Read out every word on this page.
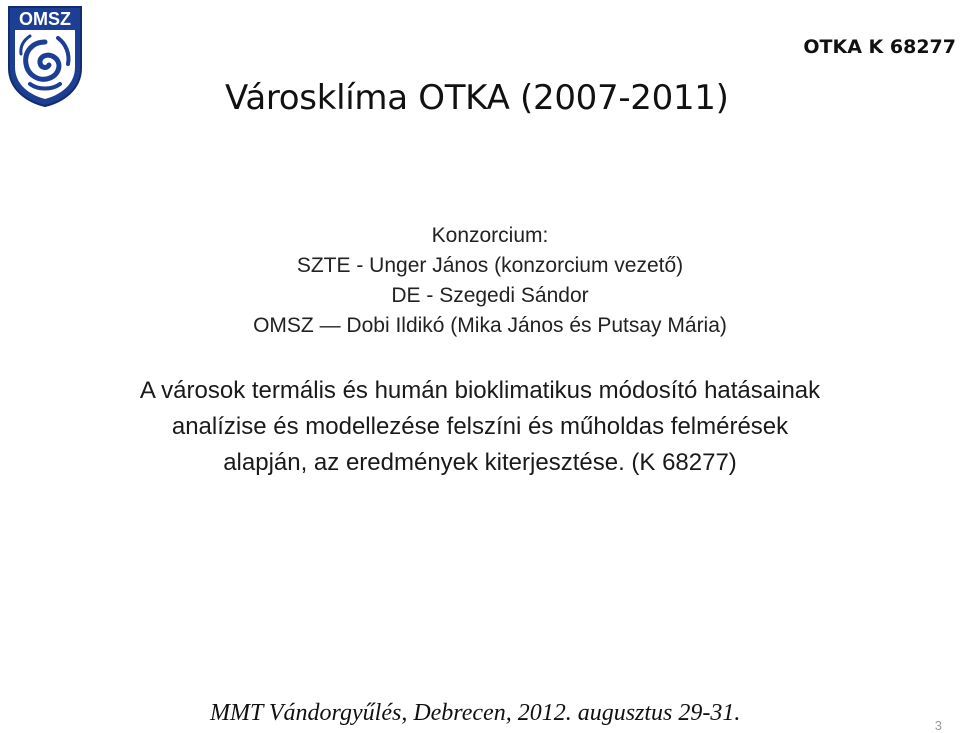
OMSZ
OTKA K 68277
Városklíma OTKA (2007-2011)
Konzorcium:
SZTE - Unger János (konzorcium vezető)
DE - Szegedi Sándor
OMSZ — Dobi Ildikó (Mika János és Putsay Mária)
A városok termális és humán bioklimatikus módosító hatásainak
analízise és modellezése felszíni és műholdas felmérések
alapján, az eredmények kiterjesztése. (K 68277)
MMT Vándorgyűlés, Debrecen, 2012. augusztus 29-31.	3
